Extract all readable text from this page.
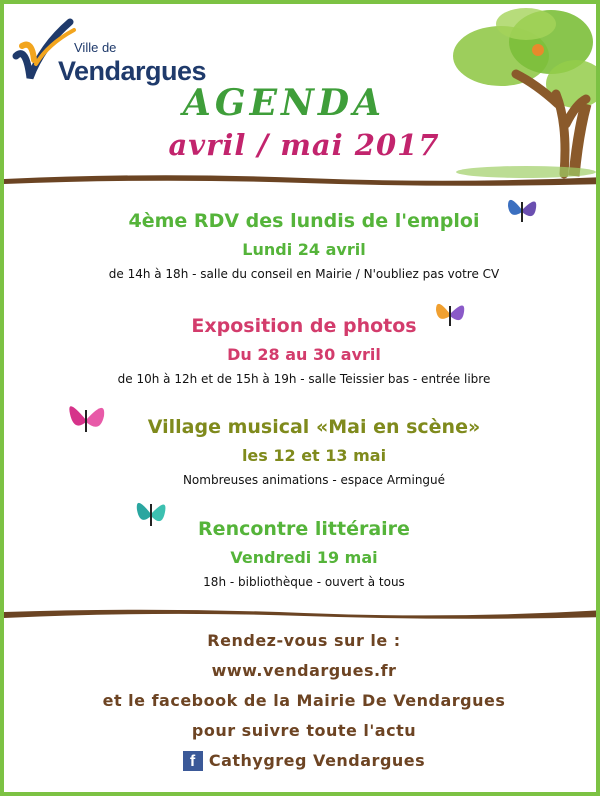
Ville de
Vendargues
AGENDA
avril / mai 2017
4ème RDV des lundis de l'emploi
Lundi 24 avril
de 14h à 18h - salle du conseil en Mairie / N'oubliez pas votre CV
Exposition de photos
Du 28 au 30 avril
de 10h à 12h et de 15h à 19h - salle Teissier bas - entrée libre
Village musical «Mai en scène»
les 12 et 13 mai
Nombreuses animations - espace Armingué
Rencontre littéraire
Vendredi 19 mai
18h - bibliothèque - ouvert à tous
Rendez-vous sur le :
www.vendargues.fr
et le facebook de la Mairie De Vendargues
pour suivre toute l'actu
f Cathygreg Vendargues
